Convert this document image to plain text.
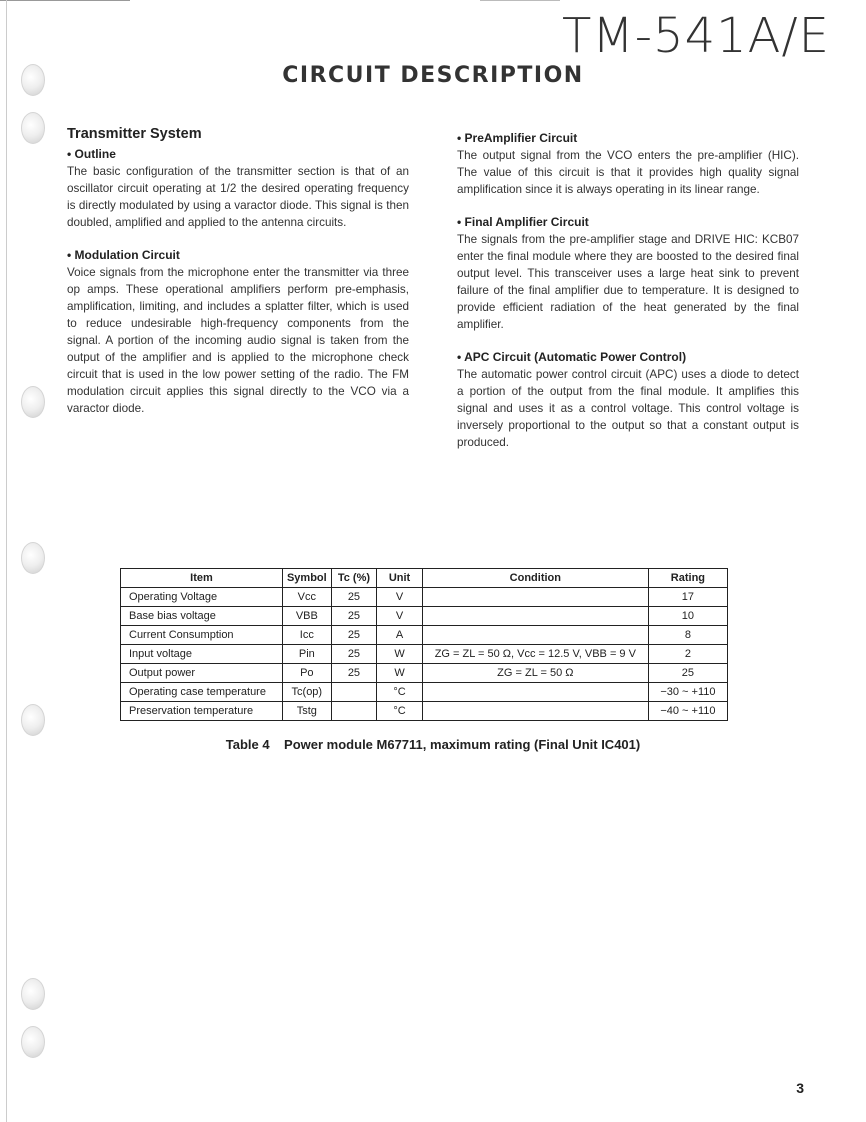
TM-541A/E
CIRCUIT DESCRIPTION
Transmitter System
• Outline

The basic configuration of the transmitter section is that of an oscillator circuit operating at 1/2 the desired operating frequency is directly modulated by using a varactor diode. This signal is then doubled, amplified and applied to the antenna circuits.

• Modulation Circuit

Voice signals from the microphone enter the transmitter via three op amps. These operational amplifiers perform pre-emphasis, amplification, limiting, and includes a splatter filter, which is used to reduce undesirable high-frequency components from the signal. A portion of the incoming audio signal is taken from the output of the amplifier and is applied to the microphone check circuit that is used in the low power setting of the radio. The FM modulation circuit applies this signal directly to the VCO via a varactor diode.

• PreAmplifier Circuit

The output signal from the VCO enters the pre-amplifier (HIC). The value of this circuit is that it provides high quality signal amplification since it is always operating in its linear range.

• Final Amplifier Circuit

The signals from the pre-amplifier stage and DRIVE HIC: KCB07 enter the final module where they are boosted to the desired final output level. This transceiver uses a large heat sink to prevent failure of the final amplifier due to temperature. It is designed to provide efficient radiation of the heat generated by the final amplifier.

• APC Circuit (Automatic Power Control)

The automatic power control circuit (APC) uses a diode to detect a portion of the output from the final module. It amplifies this signal and uses it as a control voltage. This control voltage is inversely proportional to the output so that a constant output is produced.

Item	Symbol	Tc (%)	Unit	Condition	Rating
Operating Voltage	Vcc	25	V		17
Base bias voltage	VBB	25	V		10
Current Consumption	Icc	25	A		8
Input voltage	Pin	25	W	ZG = ZL = 50 Ω, Vcc = 12.5 V, VBB = 9 V	2
Output power	Po	25	W	ZG = ZL = 50 Ω	25
Operating case temperature	Tc(op)		°C		−30 ~ +110
Preservation temperature	Tstg		°C		−40 ~ +110
Table 4    Power module M67711, maximum rating (Final Unit IC401)
3
